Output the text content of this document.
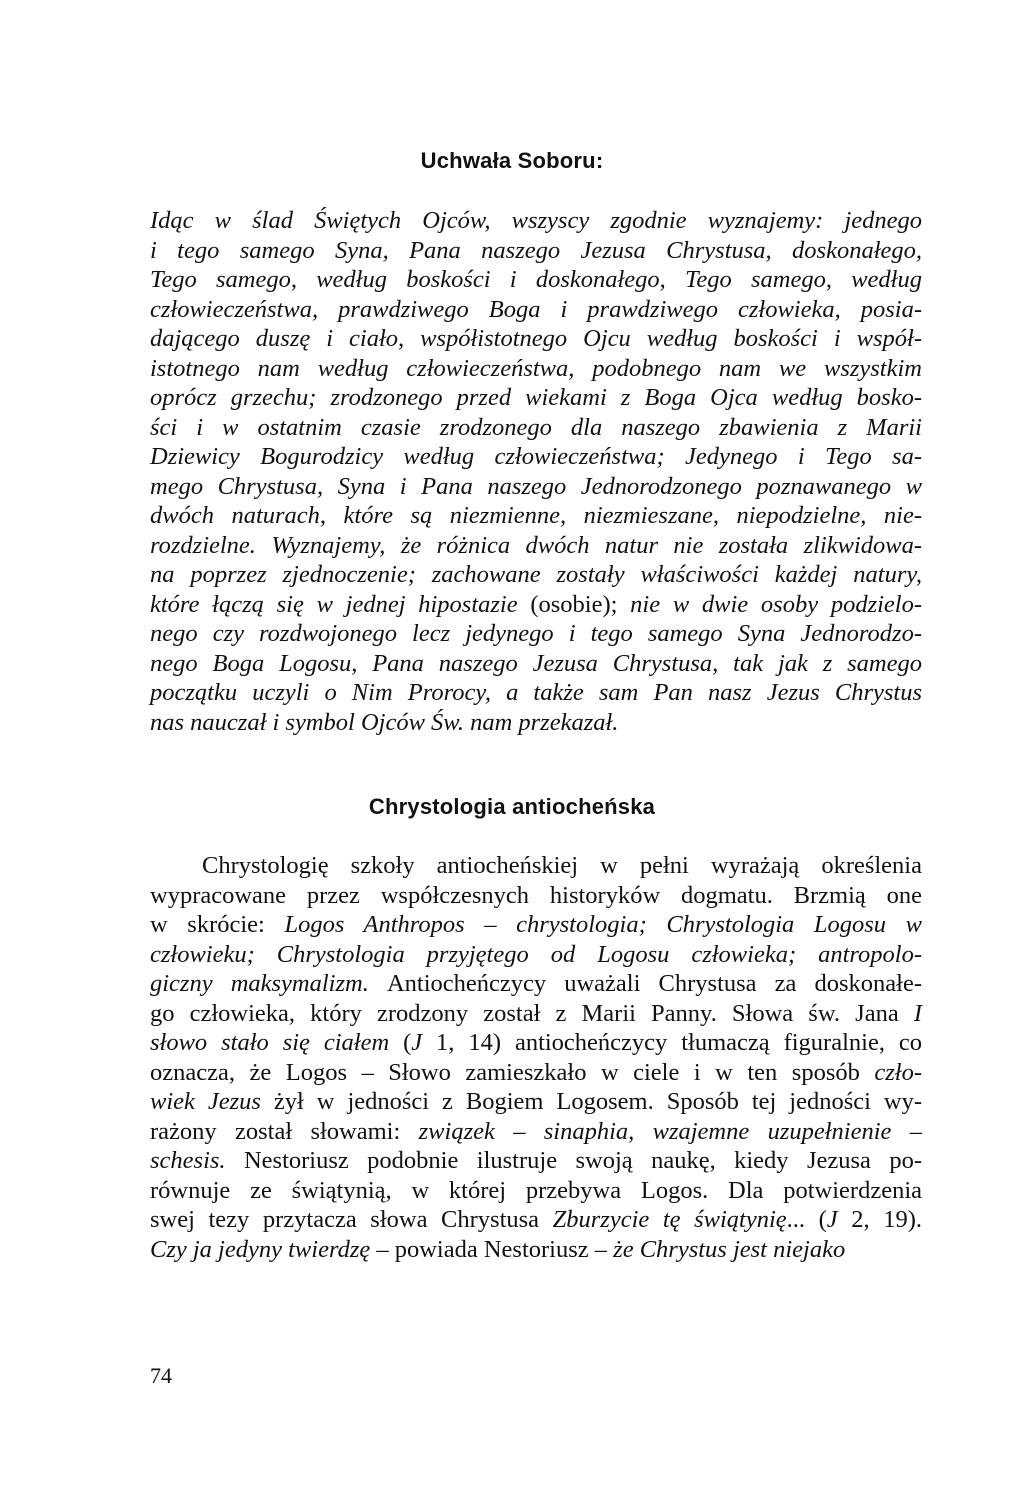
Uchwała Soboru:
Idąc w ślad Świętych Ojców, wszyscy zgodnie wyznajemy: jednego
i tego samego Syna, Pana naszego Jezusa Chrystusa, doskonałego,
Tego samego, według boskości i doskonałego, Tego samego, według
człowieczeństwa, prawdziwego Boga i prawdziwego człowieka, posia-
dającego duszę i ciało, współistotnego Ojcu według boskości i współ-
istotnego nam według człowieczeństwa, podobnego nam we wszystkim
oprócz grzechu; zrodzonego przed wiekami z Boga Ojca według bosko-
ści i w ostatnim czasie zrodzonego dla naszego zbawienia z Marii
Dziewicy Bogurodzicy według człowieczeństwa; Jedynego i Tego sa-
mego Chrystusa, Syna i Pana naszego Jednorodzonego poznawanego w
dwóch naturach, które są niezmienne, niezmieszane, niepodzielne, nie-
rozdzielne. Wyznajemy, że różnica dwóch natur nie została zlikwidowa-
na poprzez zjednoczenie; zachowane zostały właściwości każdej natury,
które łączą się w jednej hipostazie (osobie); nie w dwie osoby podzielo-
nego czy rozdwojonego lecz jedynego i tego samego Syna Jednorodzo-
nego Boga Logosu, Pana naszego Jezusa Chrystusa, tak jak z samego
początku uczyli o Nim Prorocy, a także sam Pan nasz Jezus Chrystus
nas nauczał i symbol Ojców Św. nam przekazał.
Chrystologia antiocheńska
Chrystologię szkoły antiocheńskiej w pełni wyrażają określenia
wypracowane przez współczesnych historyków dogmatu. Brzmią one
w skrócie: Logos Anthropos – chrystologia; Chrystologia Logosu w
człowieku; Chrystologia przyjętego od Logosu człowieka; antropolo-
giczny maksymalizm. Antiocheńczycy uważali Chrystusa za doskonałe-
go człowieka, który zrodzony został z Marii Panny. Słowa św. Jana I
słowo stało się ciałem (J 1, 14) antiocheńczycy tłumaczą figuralnie, co
oznacza, że Logos – Słowo zamieszkało w ciele i w ten sposób czło-
wiek Jezus żył w jedności z Bogiem Logosem. Sposób tej jedności wy-
rażony został słowami: związek – sinaphia, wzajemne uzupełnienie –
schesis. Nestoriusz podobnie ilustruje swoją naukę, kiedy Jezusa po-
równuje ze świątynią, w której przebywa Logos. Dla potwierdzenia
swej tezy przytacza słowa Chrystusa Zburzycie tę świątynię... (J 2, 19).
Czy ja jedyny twierdzę – powiada Nestoriusz – że Chrystus jest niejako

74
